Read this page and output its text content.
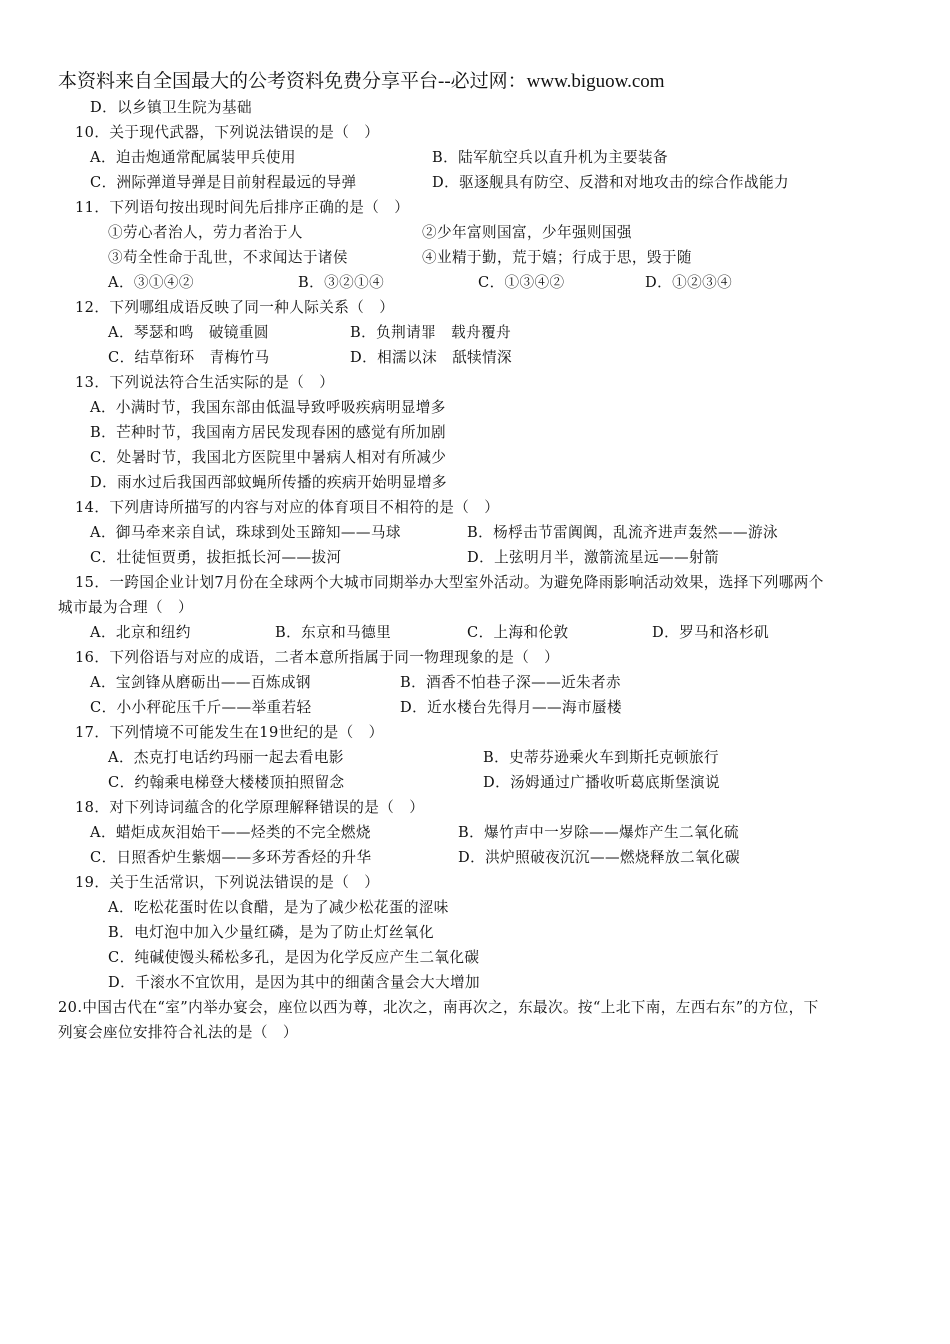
本资料来自全国最大的公考资料免费分享平台--必过网：www.biguow.com
D．以乡镇卫生院为基础
10．关于现代武器，下列说法错误的是（　）
A．迫击炮通常配属装甲兵使用	B．陆军航空兵以直升机为主要装备
C．洲际弹道导弹是目前射程最远的导弹	D．驱逐舰具有防空、反潜和对地攻击的综合作战能力
11．下列语句按出现时间先后排序正确的是（　）
①劳心者治人，劳力者治于人	②少年富则国富，少年强则国强
③苟全性命于乱世，不求闻达于诸侯	④业精于勤，荒于嬉；行成于思，毁于随
A．③①④②	B．③②①④	C．①③④②	D．①②③④
12．下列哪组成语反映了同一种人际关系（　）
A．琴瑟和鸣　破镜重圆	B．负荆请罪　载舟覆舟
C．结草衔环　青梅竹马	D．相濡以沫　舐犊情深
13．下列说法符合生活实际的是（　）
A．小满时节，我国东部由低温导致呼吸疾病明显增多
B．芒种时节，我国南方居民发现春困的感觉有所加剧
C．处暑时节，我国北方医院里中暑病人相对有所减少
D．雨水过后我国西部蚊蝇所传播的疾病开始明显增多
14．下列唐诗所描写的内容与对应的体育项目不相符的是（　）
A．御马牵来亲自试，珠球到处玉蹄知——马球	B．杨桴击节雷阗阗，乱流齐进声轰然——游泳
C．壮徒恒贾勇，拔拒抵长河——拔河	D．上弦明月半，激箭流星远——射箭
15．一跨国企业计划7月份在全球两个大城市同期举办大型室外活动。为避免降雨影响活动效果，选择下列哪两个
城市最为合理（　）
A．北京和纽约	B．东京和马德里	C．上海和伦敦	D．罗马和洛杉矶
16．下列俗语与对应的成语，二者本意所指属于同一物理现象的是（　）
A．宝剑锋从磨砺出——百炼成钢	B．酒香不怕巷子深——近朱者赤
C．小小秤砣压千斤——举重若轻	D．近水楼台先得月——海市蜃楼
17．下列情境不可能发生在19世纪的是（　）
A．杰克打电话约玛丽一起去看电影	B．史蒂芬逊乘火车到斯托克顿旅行
C．约翰乘电梯登大楼楼顶拍照留念	D．汤姆通过广播收听葛底斯堡演说
18．对下列诗词蕴含的化学原理解释错误的是（　）
A．蜡炬成灰泪始干——烃类的不完全燃烧	B．爆竹声中一岁除——爆炸产生二氧化硫
C．日照香炉生紫烟——多环芳香烃的升华	D．洪炉照破夜沉沉——燃烧释放二氧化碳
19．关于生活常识，下列说法错误的是（　）
A．吃松花蛋时佐以食醋，是为了减少松花蛋的涩味
B．电灯泡中加入少量红磷，是为了防止灯丝氧化
C．纯碱使馒头稀松多孔，是因为化学反应产生二氧化碳
D．千滚水不宜饮用，是因为其中的细菌含量会大大增加
20.中国古代在“室”内举办宴会，座位以西为尊，北次之，南再次之，东最次。按“上北下南，左西右东”的方位，下
列宴会座位安排符合礼法的是（　）
